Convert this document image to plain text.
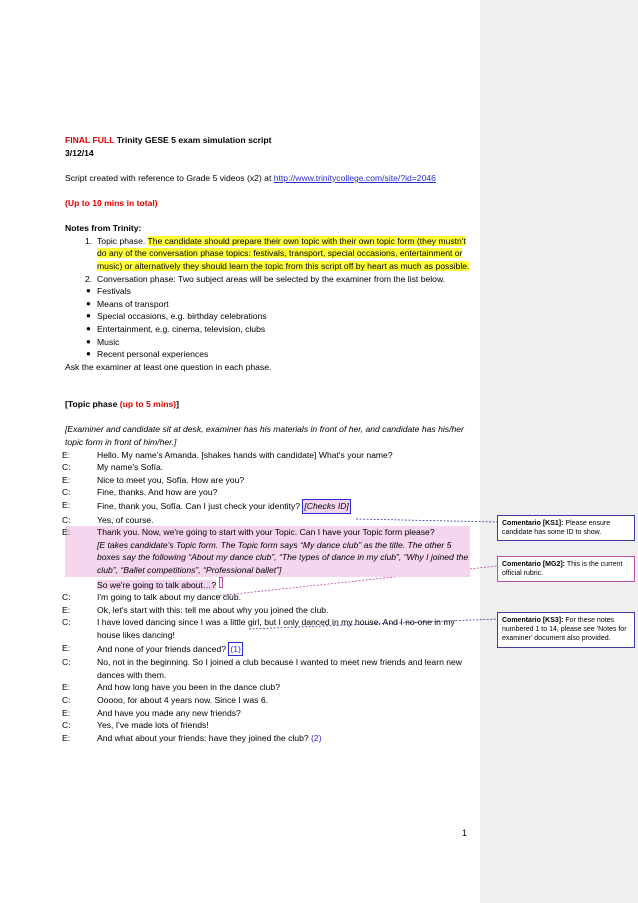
FINAL FULL Trinity GESE 5 exam simulation script

3/12/14

Script created with reference to Grade 5 videos (x2) at http://www.trinitycollege.com/site/?id=2046

(Up to 10 mins in total)

Notes from Trinity:

1. Topic phase. The candidate should prepare their own topic with their own topic form (they mustn't do any of the conversation phase topics: festivals, transport, special occasions, entertainment or music) or alternatively they should learn the topic from this script off by heart as much as possible.
2. Conversation phase: Two subject areas will be selected by the examiner from the list below.
● Festivals
● Means of transport
● Special occasions, e.g. birthday celebrations
● Entertainment, e.g. cinema, television, clubs
● Music
● Recent personal experiences

Ask the examiner at least one question in each phase.

[Topic phase (up to 5 mins)]

[Examiner and candidate sit at desk, examiner has his materials in front of her, and candidate has his/her topic form in front of him/her.]

E:	Hello. My name's Amanda. [shakes hands with candidate] What's your name?
C:	My name's Sofía.
E:	Nice to meet you, Sofía. How are you?
C:	Fine, thanks. And how are you?
E:	Fine, thank you, Sofía. Can I just check your identity? [Checks ID]
C:	Yes, of course.
E:	Thank you. Now, we're going to start with your Topic. Can I have your Topic form please?
[E takes candidate's Topic form. The Topic form says “My dance club” as the title. The other 5 boxes say the following “About my dance club”, “The types of dance in my club”, “Why I joined the club”, “Ballet competitions”, “Professional ballet”]
So we're going to talk about…?
C:	I'm going to talk about my dance club.
E:	Ok, let's start with this: tell me about why you joined the club.
C:	I have loved dancing since I was a little girl, but I only danced in my house. And I no-one in my house likes dancing!
E:	And none of your friends danced? (1)
C:	No, not in the beginning. So I joined a club because I wanted to meet new friends and learn new dances with them.
E:	And how long have you been in the dance club?
C:	Ooooo, for about 4 years now. Since I was 6.
E:	And have you made any new friends?
C:	Yes, I've made lots of friends!
E:	And what about your friends: have they joined the club? (2)
Comentario [KS1]: Please ensure candidate has some ID to show.
Comentario [MG2]: This is the current official rubric.
Comentario [KS3]: For these notes numbered 1 to 14, please see ‘Notes for examiner’ document also provided.
1
